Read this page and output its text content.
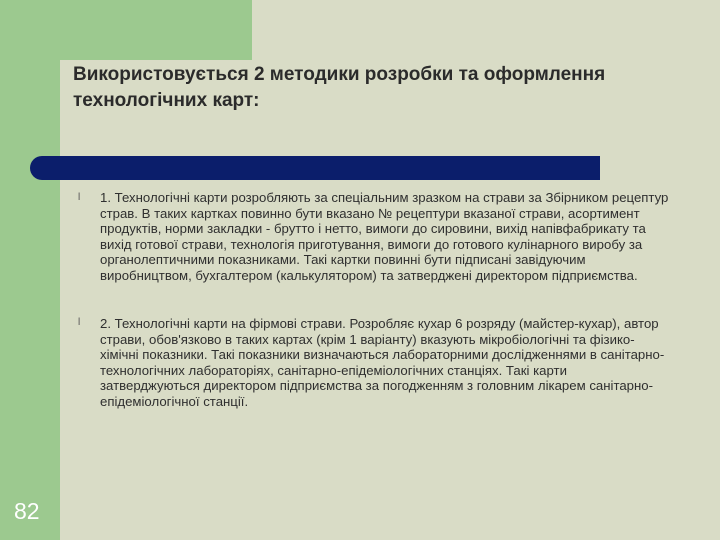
Використовується 2 методики розробки та оформлення технологічних карт:
l
l

1. Технологічні карти розробляють за спеціальним зразком на страви за Збірником рецептур страв. В таких картках повинно бути вказано № рецептури вказаної страви, асортимент продуктів, норми закладки - брутто і нетто, вимоги до сировини, вихід напівфабрикату та вихід готової страви, технологія приготування, вимоги до готового кулінарного виробу за органолептичними показниками. Такі картки повинні бути підписані завідуючим виробництвом, бухгалтером (калькулятором) та затверджені директором підприємства.

2. Технологічні карти на фірмові страви. Розробляє кухар 6 розряду (майстер-кухар), автор страви, обов'язково в таких картах (крім 1 варіанту) вказують мікробіологічні та фізико-хімічні показники. Такі показники визначаються лабораторними дослідженнями в санітарно-технологічних лабораторіях, санітарно-епідеміологічних станціях. Такі карти затверджуються директором підприємства за погодженням з головним лікарем санітарно-епідеміологічної станції.

82
